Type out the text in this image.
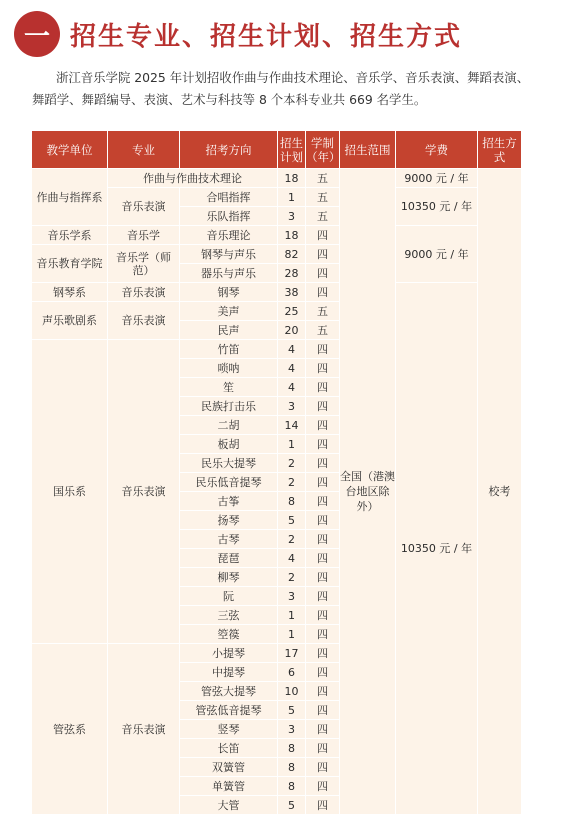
一 招生专业、招生计划、招生方式

浙江音乐学院 2025 年计划招收作曲与作曲技术理论、音乐学、音乐表演、舞蹈表演、舞蹈学、舞蹈编导、表演、艺术与科技等 8 个本科专业共 669 名学生。

教学单位	专业	招考方向	招生计划	学制（年）	招生范围	学费	招生方式
作曲与指挥系	作曲与作曲技术理论		18	五	全国（港澳台地区除外）	9000 元 / 年	校考
	音乐表演	合唱指挥	1	五		10350 元 / 年	
		乐队指挥	3	五			
音乐学系	音乐学	音乐理论	18	四		9000 元 / 年	
音乐教育学院	音乐学（师范）	钢琴与声乐	82	四			
		器乐与声乐	28	四			
钢琴系	音乐表演	钢琴	38	四		10350 元 / 年	
声乐歌剧系	音乐表演	美声	25	五			
		民声	20	五			
国乐系	音乐表演	竹笛	4	四			
		唢呐	4	四			
		笙	4	四			
		民族打击乐	3	四			
		二胡	14	四			
		板胡	1	四			
		民乐大提琴	2	四			
		民乐低音提琴	2	四			
		古筝	8	四			
		扬琴	5	四			
		古琴	2	四			
		琵琶	4	四			
		柳琴	2	四			
		阮	3	四			
		三弦	1	四			
		箜篌	1	四			
管弦系	音乐表演	小提琴	17	四			
		中提琴	6	四			
		管弦大提琴	10	四			
		管弦低音提琴	5	四			
		竖琴	3	四			
		长笛	8	四			
		双簧管	8	四			
		单簧管	8	四			
		大管	5	四			
